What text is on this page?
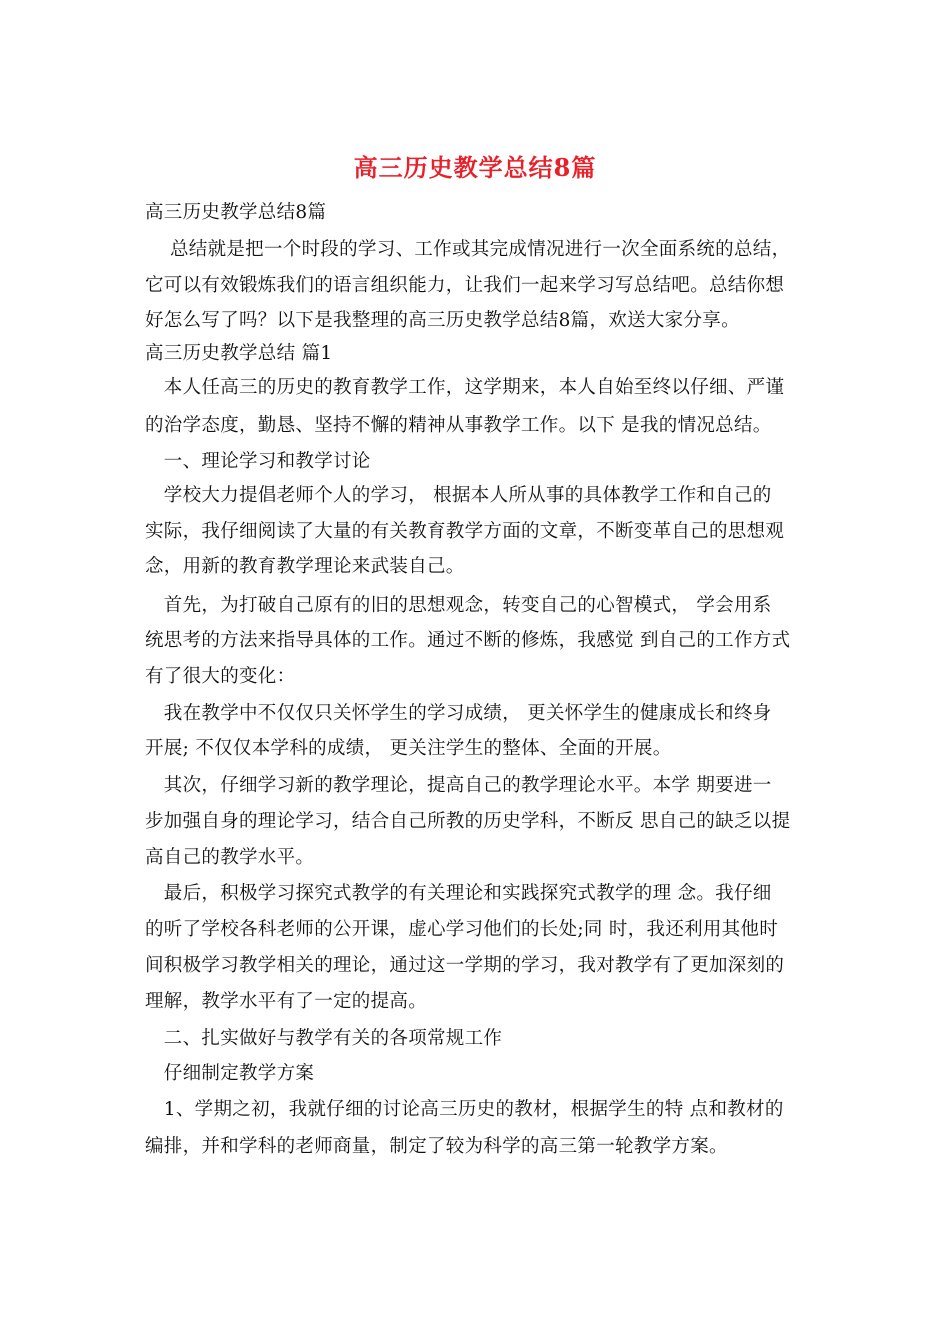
高三历史教学总结8篇
高三历史教学总结8篇
　 总结就是把一个时段的学习、工作或其完成情况进行一次全面系统的总结，
它可以有效锻炼我们的语言组织能力，让我们一起来学习写总结吧。总结你想
好怎么写了吗？以下是我整理的高三历史教学总结8篇，欢送大家分享。
高三历史教学总结 篇1
　本人任高三的历史的教育教学工作，这学期来，本人自始至终以仔细、严谨
的治学态度，勤恳、坚持不懈的精神从事教学工作。以下 是我的情况总结。
　一、理论学习和教学讨论
　学校大力提倡老师个人的学习， 根据本人所从事的具体教学工作和自己的
实际，我仔细阅读了大量的有关教育教学方面的文章，不断变革自己的思想观
念，用新的教育教学理论来武装自己。
　首先，为打破自己原有的旧的思想观念，转变自己的心智模式， 学会用系
统思考的方法来指导具体的工作。通过不断的修炼，我感觉 到自己的工作方式
有了很大的变化：
　我在教学中不仅仅只关怀学生的学习成绩， 更关怀学生的健康成长和终身
开展; 不仅仅本学科的成绩， 更关注学生的整体、全面的开展。
　其次，仔细学习新的教学理论，提高自己的教学理论水平。本学 期要进一
步加强自身的理论学习，结合自己所教的历史学科，不断反 思自己的缺乏以提
高自己的教学水平。
　最后，积极学习探究式教学的有关理论和实践探究式教学的理 念。我仔细
的听了学校各科老师的公开课，虚心学习他们的长处;同 时，我还利用其他时
间积极学习教学相关的理论，通过这一学期的学习，我对教学有了更加深刻的
理解，教学水平有了一定的提高。
　二、扎实做好与教学有关的各项常规工作
　仔细制定教学方案
　1、学期之初，我就仔细的讨论高三历史的教材，根据学生的特 点和教材的
编排，并和学科的老师商量，制定了较为科学的高三第一轮教学方案。
